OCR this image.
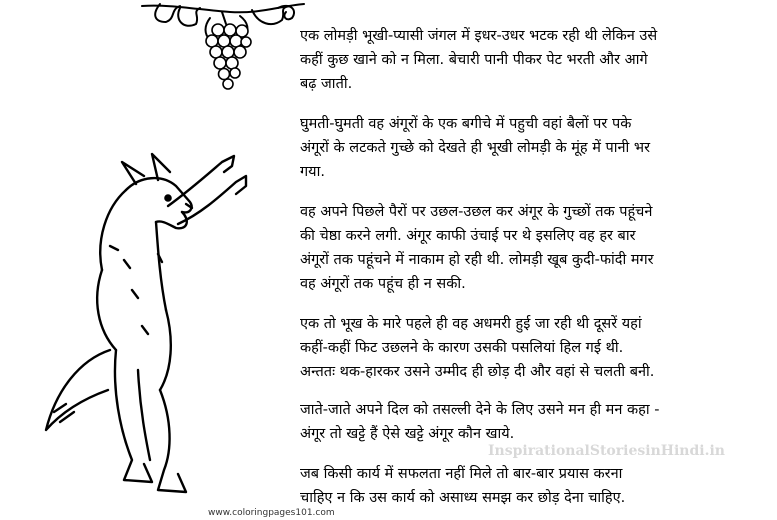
एक लोमड़ी भूखी-प्यासी जंगल में इधर-उधर भटक रही थी लेकिन उसे
कहीं कुछ खाने को न मिला. बेचारी पानी पीकर पेट भरती और आगे
बढ़ जाती.

घुमती-घुमती वह अंगूरों के एक बगीचे में पहुची वहां बैलों पर पके
अंगूरों के लटकते गुच्छे को देखते ही भूखी लोमड़ी के मूंह में पानी भर
गया.

वह अपने पिछले पैरों पर उछल-उछल कर अंगूर के गुच्छों तक पहूंचने
की चेष्ठा करने लगी. अंगूर काफी उंचाई पर थे इसलिए वह हर बार
अंगूरों तक पहूंचने में नाकाम हो रही थी. लोमड़ी खूब कुदी-फांदी मगर
वह अंगूरों तक पहूंच ही न सकी.

एक तो भूख के मारे पहले ही वह अधमरी हुई जा रही थी दूसरें यहां
कहीं-कहीं फिट उछलने के कारण उसकी पसलियां हिल गई थी.
अन्ततः थक-हारकर उसने उम्मीद ही छोड़ दी और वहां से चलती बनी.

जाते-जाते अपने दिल को तसल्ली देने के लिए उसने मन ही मन कहा -
अंगूर तो खट्टे हैं ऐसे खट्टे अंगूर कौन खाये.

जब किसी कार्य में सफलता नहीं मिले तो बार-बार प्रयास करना
चाहिए न कि उस कार्य को असाध्य समझ कर छोड़ देना चाहिए.

InspirationalStoriesinHindi.in
www.coloringpages101.com
